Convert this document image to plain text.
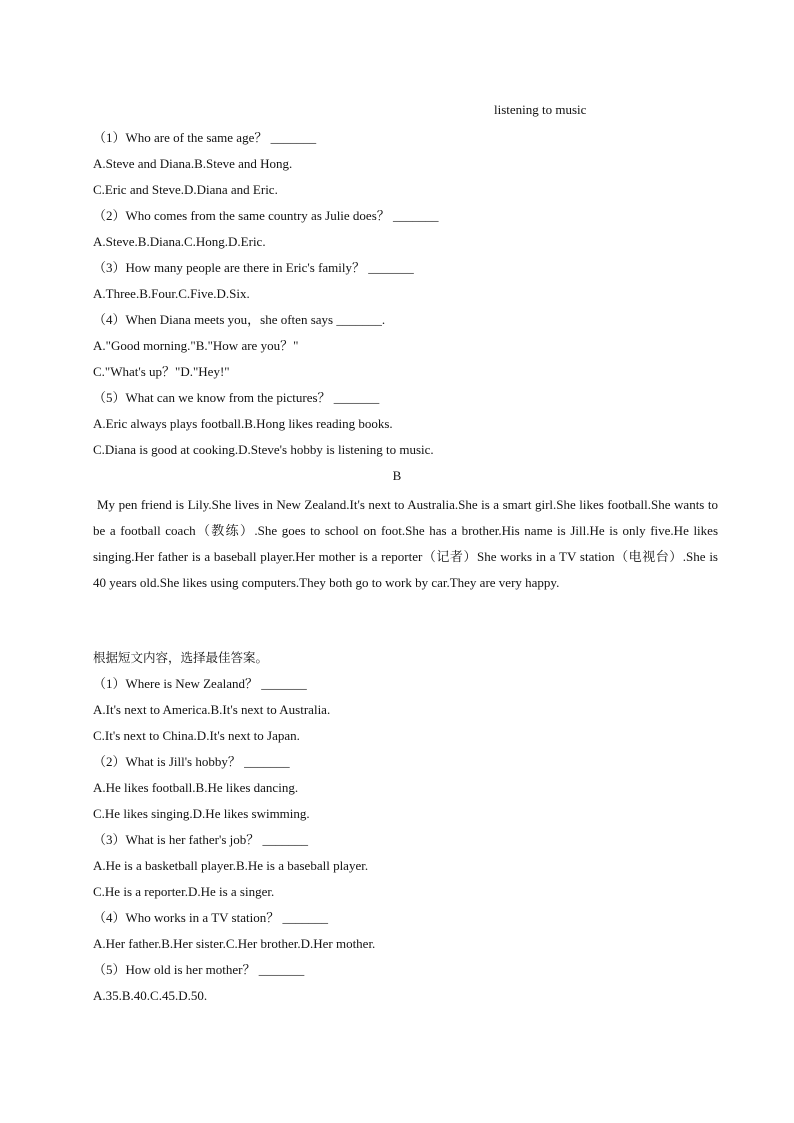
listening to music
（1）Who are of the same age？ _______
A.Steve and Diana.B.Steve and Hong.
C.Eric and Steve.D.Diana and Eric.
（2）Who comes from the same country as Julie does？ _______
A.Steve.B.Diana.C.Hong.D.Eric.
（3）How many people are there in Eric's family？ _______
A.Three.B.Four.C.Five.D.Six.
（4）When Diana meets you，she often says _______.
A."Good morning."B."How are you？"
C."What's up？"D."Hey!"
（5）What can we know from the pictures？ _______
A.Eric always plays football.B.Hong likes reading books.
C.Diana is good at cooking.D.Steve's hobby is listening to music.
B
My pen friend is Lily.She lives in New Zealand.It's next to Australia.She is a smart girl.She likes football.She wants to be a football coach（教练）.She goes to school on foot.She has a brother.His name is Jill.He is only five.He likes singing.Her father is a baseball player.Her mother is a reporter（记者）She works in a TV station（电视台）.She is 40 years old.She likes using computers.They both go to work by car.They are very happy.
根据短文内容，选择最佳答案。
（1）Where is New Zealand？ _______
A.It's next to America.B.It's next to Australia.
C.It's next to China.D.It's next to Japan.
（2）What is Jill's hobby？ _______
A.He likes football.B.He likes dancing.
C.He likes singing.D.He likes swimming.
（3）What is her father's job？ _______
A.He is a basketball player.B.He is a baseball player.
C.He is a reporter.D.He is a singer.
（4）Who works in a TV station？ _______
A.Her father.B.Her sister.C.Her brother.D.Her mother.
（5）How old is her mother？ _______
A.35.B.40.C.45.D.50.
